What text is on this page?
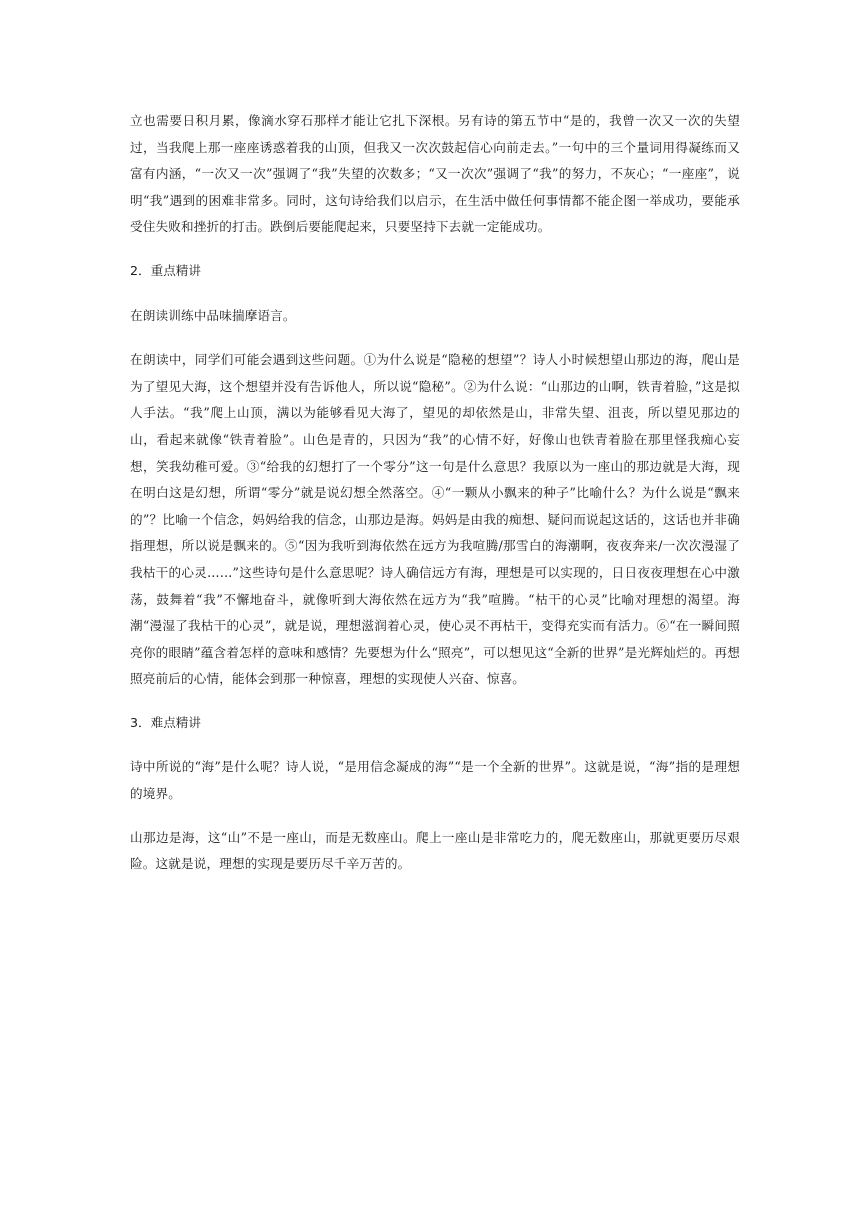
立也需要日积月累，像滴水穿石那样才能让它扎下深根。另有诗的第五节中“是的，我曾一次又一次的失望过，当我爬上那一座座诱惑着我的山顶，但我又一次次鼓起信心向前走去。”一句中的三个量词用得凝练而又富有内涵，“一次又一次”强调了“我”失望的次数多；“又一次次”强调了“我”的努力，不灰心；“一座座”，说明“我”遇到的困难非常多。同时，这句诗给我们以启示，在生活中做任何事情都不能企图一举成功，要能承受住失败和挫折的打击。跌倒后要能爬起来，只要坚持下去就一定能成功。

2．重点精讲

在朗读训练中品味揣摩语言。

在朗读中，同学们可能会遇到这些问题。①为什么说是“隐秘的想望”？诗人小时候想望山那边的海，爬山是为了望见大海，这个想望并没有告诉他人，所以说“隐秘”。②为什么说：“山那边的山啊，铁青着脸，”这是拟人手法。“我”爬上山顶，满以为能够看见大海了，望见的却依然是山，非常失望、沮丧，所以望见那边的山，看起来就像“铁青着脸”。山色是青的，只因为“我”的心情不好，好像山也铁青着脸在那里怪我痴心妄想，笑我幼稚可爱。③“给我的幻想打了一个零分”这一句是什么意思？我原以为一座山的那边就是大海，现在明白这是幻想，所谓“零分”就是说幻想全然落空。④“一颗从小飘来的种子”比喻什么？为什么说是“飘来的”？比喻一个信念，妈妈给我的信念，山那边是海。妈妈是由我的痴想、疑问而说起这话的，这话也并非确指理想，所以说是飘来的。⑤“因为我听到海依然在远方为我喧腾/那雪白的海潮啊，夜夜奔来/一次次漫湿了我枯干的心灵……”这些诗句是什么意思呢？诗人确信远方有海，理想是可以实现的，日日夜夜理想在心中激荡，鼓舞着“我”不懈地奋斗，就像听到大海依然在远方为“我”喧腾。“枯干的心灵”比喻对理想的渴望。海潮“漫湿了我枯干的心灵”，就是说，理想滋润着心灵，使心灵不再枯干，变得充实而有活力。⑥“在一瞬间照亮你的眼睛”蕴含着怎样的意味和感情？先要想为什么“照亮”，可以想见这“全新的世界”是光辉灿烂的。再想照亮前后的心情，能体会到那一种惊喜，理想的实现使人兴奋、惊喜。

3．难点精讲

诗中所说的“海”是什么呢？诗人说，“是用信念凝成的海”“是一个全新的世界”。这就是说，“海”指的是理想的境界。

山那边是海，这“山”不是一座山，而是无数座山。爬上一座山是非常吃力的，爬无数座山，那就更要历尽艰险。这就是说，理想的实现是要历尽千辛万苦的。
